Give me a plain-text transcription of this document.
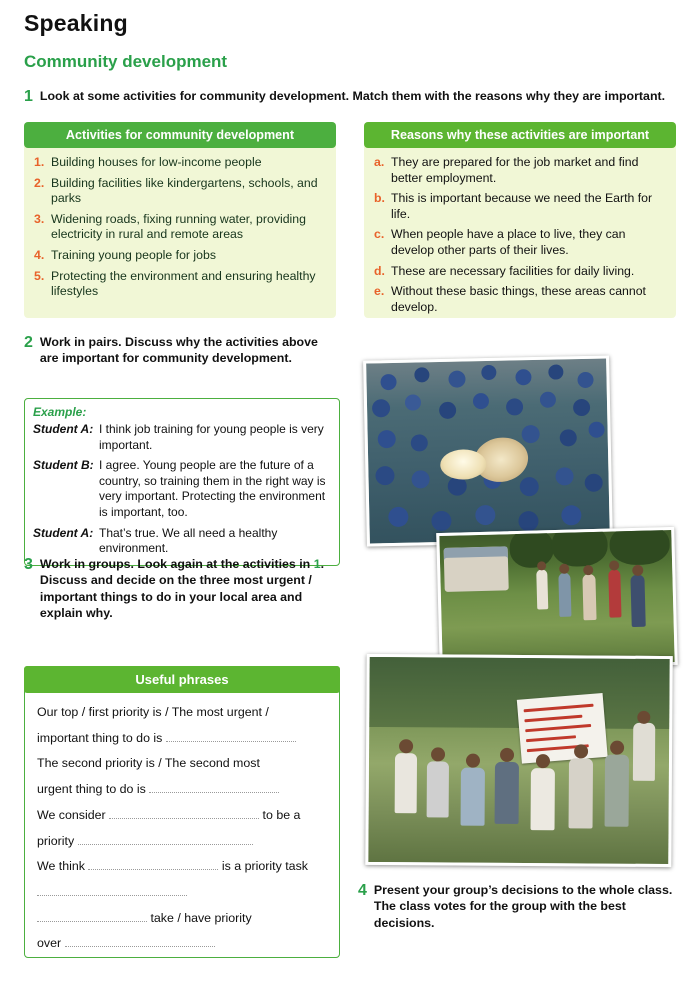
Speaking
Community development
1 Look at some activities for community development. Match them with the reasons why they are important.
Activities for community development
1. Building houses for low-income people
2. Building facilities like kindergartens, schools, and parks
3. Widening roads, fixing running water, providing electricity in rural and remote areas
4. Training young people for jobs
5. Protecting the environment and ensuring healthy lifestyles
Reasons why these activities are important
a. They are prepared for the job market and find better employment.
b. This is important because we need the Earth for life.
c. When people have a place to live, they can develop other parts of their lives.
d. These are necessary facilities for daily living.
e. Without these basic things, these areas cannot develop.
2 Work in pairs. Discuss why the activities above are important for community development.
Example:
Student A: I think job training for young people is very important.
Student B: I agree. Young people are the future of a country, so training them in the right way is very important. Protecting the environment is important, too.
Student A: That’s true. We all need a healthy environment.
3 Work in groups. Look again at the activities in 1. Discuss and decide on the three most urgent / important things to do in your local area and explain why.
Useful phrases

Our top / first priority is / The most urgent /

important thing to do is

The second priority is / The second most

urgent thing to do is

We consider	to be a

priority

We think	is a priority task

take / have priority

over

4 Present your group’s decisions to the whole class. The class votes for the group with the best decisions.
